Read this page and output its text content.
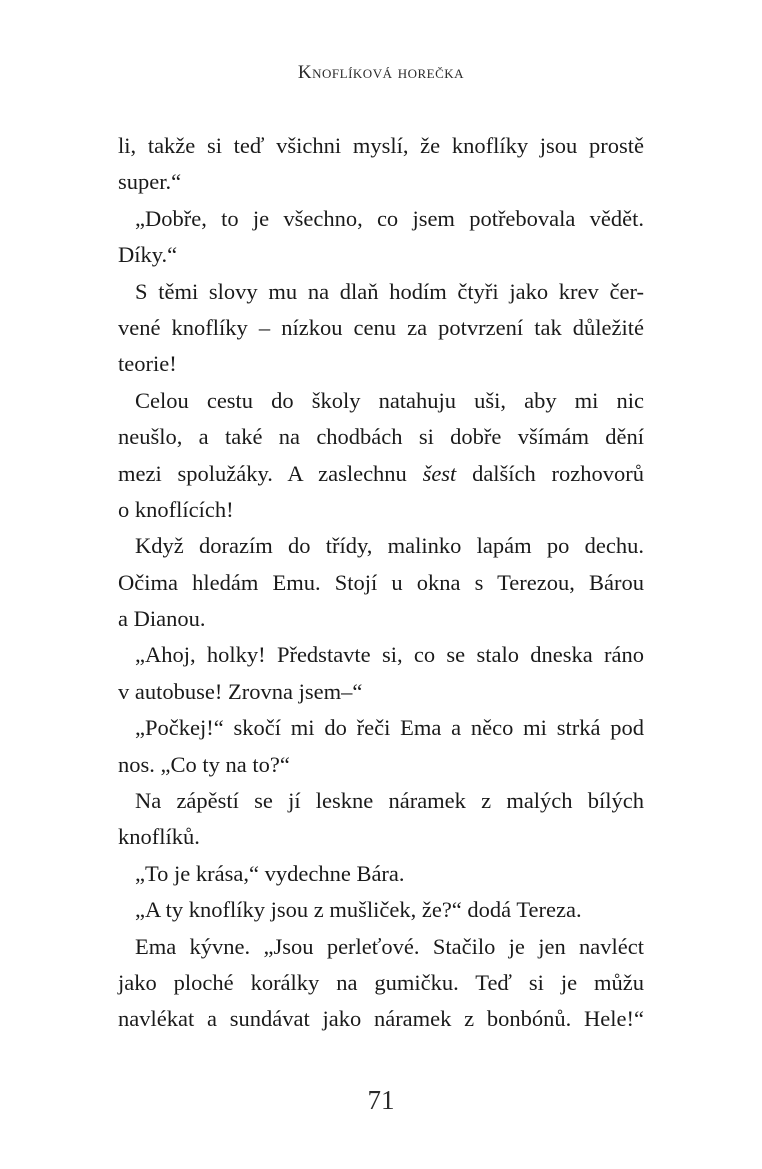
Knoflíková horečka
li, takže si teď všichni myslí, že knoflíky jsou prostě
super.“
„Dobře, to je všechno, co jsem potřebovala vědět.
Díky.“
S těmi slovy mu na dlaň hodím čtyři jako krev čer-
vené knoflíky – nízkou cenu za potvrzení tak důležité
teorie!
Celou cestu do školy natahuju uši, aby mi nic
neušlo, a také na chodbách si dobře všímám dění
mezi spolužáky. A zaslechnu šest dalších rozhovorů
o knoflících!
Když dorazím do třídy, malinko lapám po dechu.
Očima hledám Emu. Stojí u okna s Terezou, Bárou
a Dianou.
„Ahoj, holky! Představte si, co se stalo dneska ráno
v autobuse! Zrovna jsem–“
„Počkej!“ skočí mi do řeči Ema a něco mi strká pod
nos. „Co ty na to?“
Na zápěstí se jí leskne náramek z malých bílých
knoflíků.
„To je krása,“ vydechne Bára.
„A ty knoflíky jsou z mušliček, že?“ dodá Tereza.
Ema kývne. „Jsou perleťové. Stačilo je jen navléct
jako ploché korálky na gumičku. Teď si je můžu
navlékat a sundávat jako náramek z bonbónů. Hele!“
71
